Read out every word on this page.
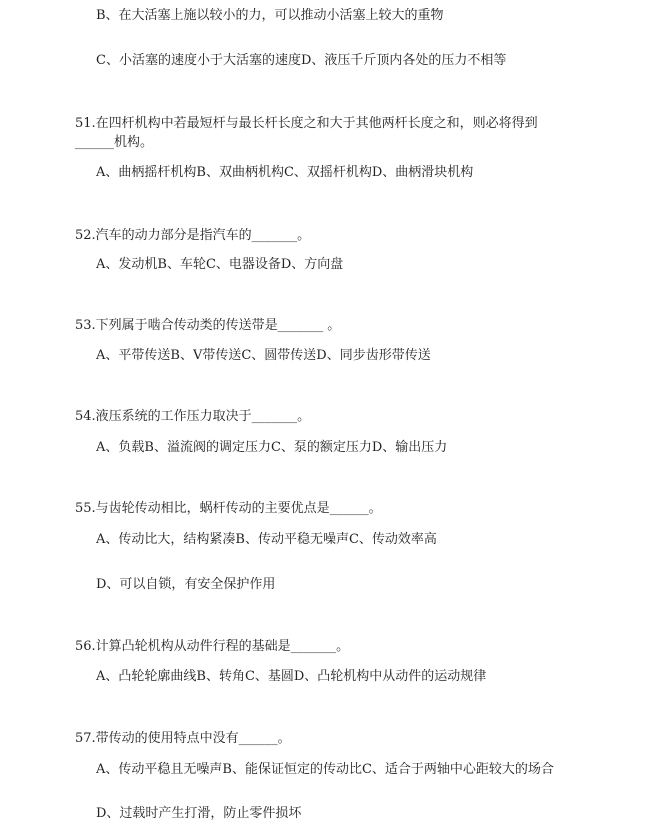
B、在大活塞上施以较小的力，可以推动小活塞上较大的重物
C、小活塞的速度小于大活塞的速度D、液压千斤顶内各处的压力不相等
51.在四杆机构中若最短杆与最长杆长度之和大于其他两杆长度之和，则必将得到
______机构。
A、曲柄摇杆机构B、双曲柄机构C、双摇杆机构D、曲柄滑块机构
52.汽车的动力部分是指汽车的_______。
A、发动机B、车轮C、电器设备D、方向盘
53.下列属于啮合传动类的传送带是_______ 。
A、平带传送B、V带传送C、圆带传送D、同步齿形带传送
54.液压系统的工作压力取决于_______。
A、负载B、溢流阀的调定压力C、泵的额定压力D、输出压力
55.与齿轮传动相比，蜗杆传动的主要优点是______。
A、传动比大，结构紧凑B、传动平稳无噪声C、传动效率高
D、可以自锁，有安全保护作用
56.计算凸轮机构从动件行程的基础是_______。
A、凸轮轮廓曲线B、转角C、基圆D、凸轮机构中从动件的运动规律
57.带传动的使用特点中没有______。
A、传动平稳且无噪声B、能保证恒定的传动比C、适合于两轴中心距较大的场合
D、过载时产生打滑，防止零件损坏
